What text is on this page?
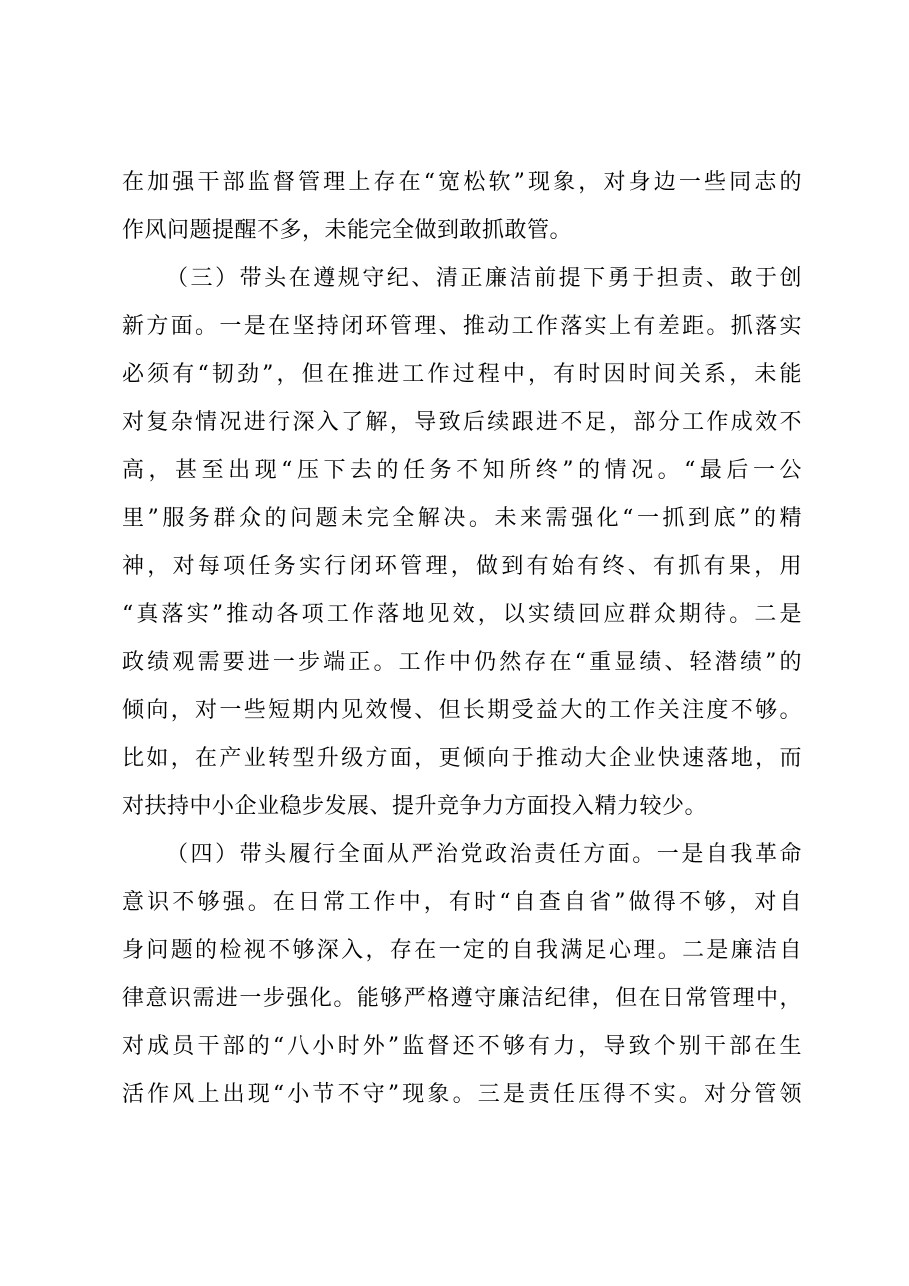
在加强干部监督管理上存在“宽松软”现象，对身边一些同志的
作风问题提醒不多，未能完全做到敢抓敢管。
（三）带头在遵规守纪、清正廉洁前提下勇于担责、敢于创
新方面。一是在坚持闭环管理、推动工作落实上有差距。抓落实
必须有“韧劲”，但在推进工作过程中，有时因时间关系，未能
对复杂情况进行深入了解，导致后续跟进不足，部分工作成效不
高，甚至出现“压下去的任务不知所终”的情况。“最后一公
里”服务群众的问题未完全解决。未来需强化“一抓到底”的精
神，对每项任务实行闭环管理，做到有始有终、有抓有果，用
“真落实”推动各项工作落地见效，以实绩回应群众期待。二是
政绩观需要进一步端正。工作中仍然存在“重显绩、轻潜绩”的
倾向，对一些短期内见效慢、但长期受益大的工作关注度不够。
比如，在产业转型升级方面，更倾向于推动大企业快速落地，而
对扶持中小企业稳步发展、提升竞争力方面投入精力较少。
（四）带头履行全面从严治党政治责任方面。一是自我革命
意识不够强。在日常工作中，有时“自查自省”做得不够，对自
身问题的检视不够深入，存在一定的自我满足心理。二是廉洁自
律意识需进一步强化。能够严格遵守廉洁纪律，但在日常管理中，
对成员干部的“八小时外”监督还不够有力，导致个别干部在生
活作风上出现“小节不守”现象。三是责任压得不实。对分管领
